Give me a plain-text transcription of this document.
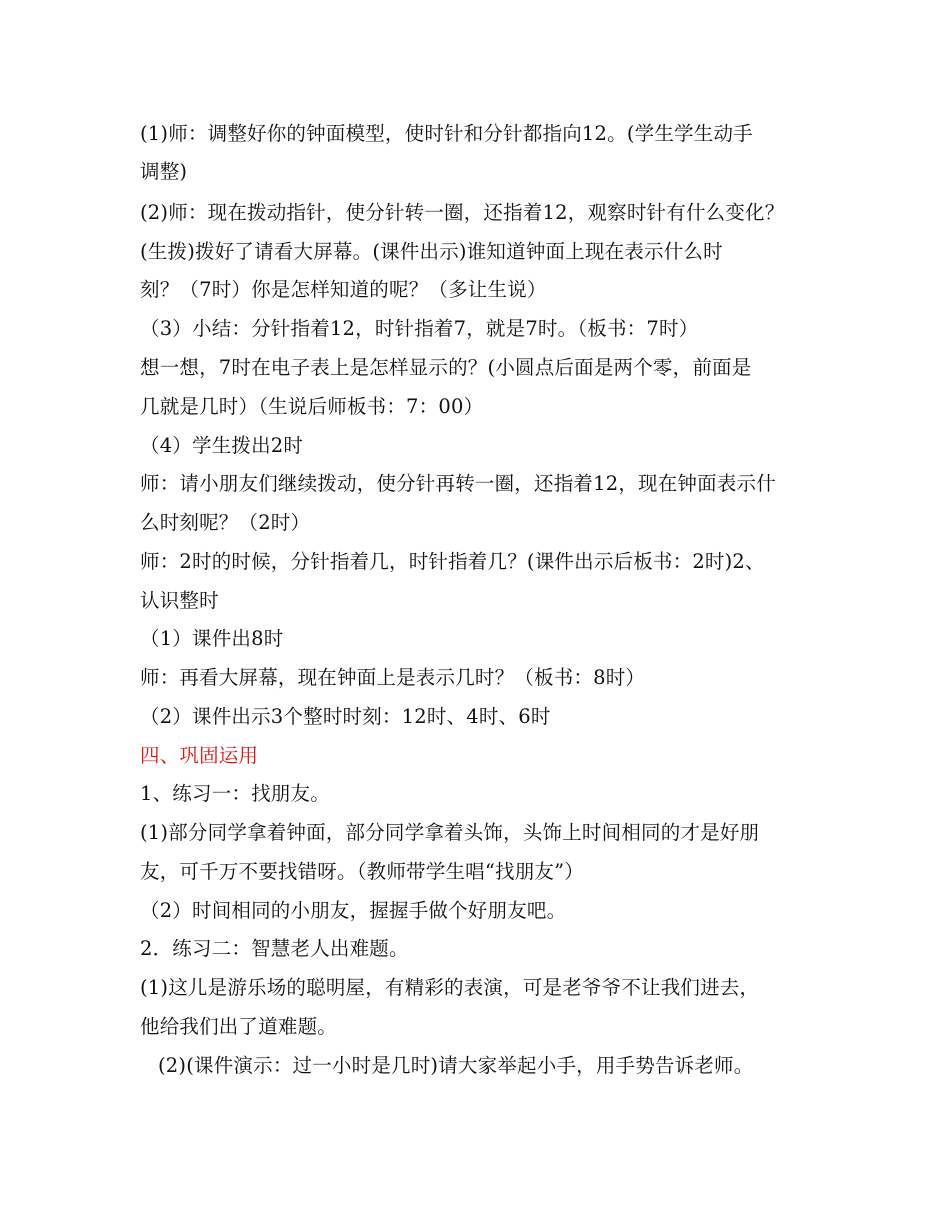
(1)师：调整好你的钟面模型，使时针和分针都指向12。(学生学生动手
调整)
(2)师：现在拨动指针，使分针转一圈，还指着12，观察时针有什么变化？
(生拨)拨好了请看大屏幕。(课件出示)谁知道钟面上现在表示什么时
刻？（7时）你是怎样知道的呢？（多让生说）
（3）小结：分针指着12，时针指着7，就是7时。（板书：7时）
想一想，7时在电子表上是怎样显示的？(小圆点后面是两个零，前面是
几就是几时）（生说后师板书：7：00）
（4）学生拨出2时
师：请小朋友们继续拨动，使分针再转一圈，还指着12，现在钟面表示什
么时刻呢？（2时）
师：2时的时候，分针指着几，时针指着几？(课件出示后板书：2时)2、
认识整时
（1）课件出8时
师：再看大屏幕，现在钟面上是表示几时？（板书：8时）
（2）课件出示3个整时时刻：12时、4时、6时
四、巩固运用
1、练习一：找朋友。
(1)部分同学拿着钟面，部分同学拿着头饰，头饰上时间相同的才是好朋
友，可千万不要找错呀。（教师带学生唱“找朋友”）
（2）时间相同的小朋友，握握手做个好朋友吧。
2．练习二：智慧老人出难题。
(1)这儿是游乐场的聪明屋，有精彩的表演，可是老爷爷不让我们进去，
他给我们出了道难题。
(2)(课件演示：过一小时是几时)请大家举起小手，用手势告诉老师。
